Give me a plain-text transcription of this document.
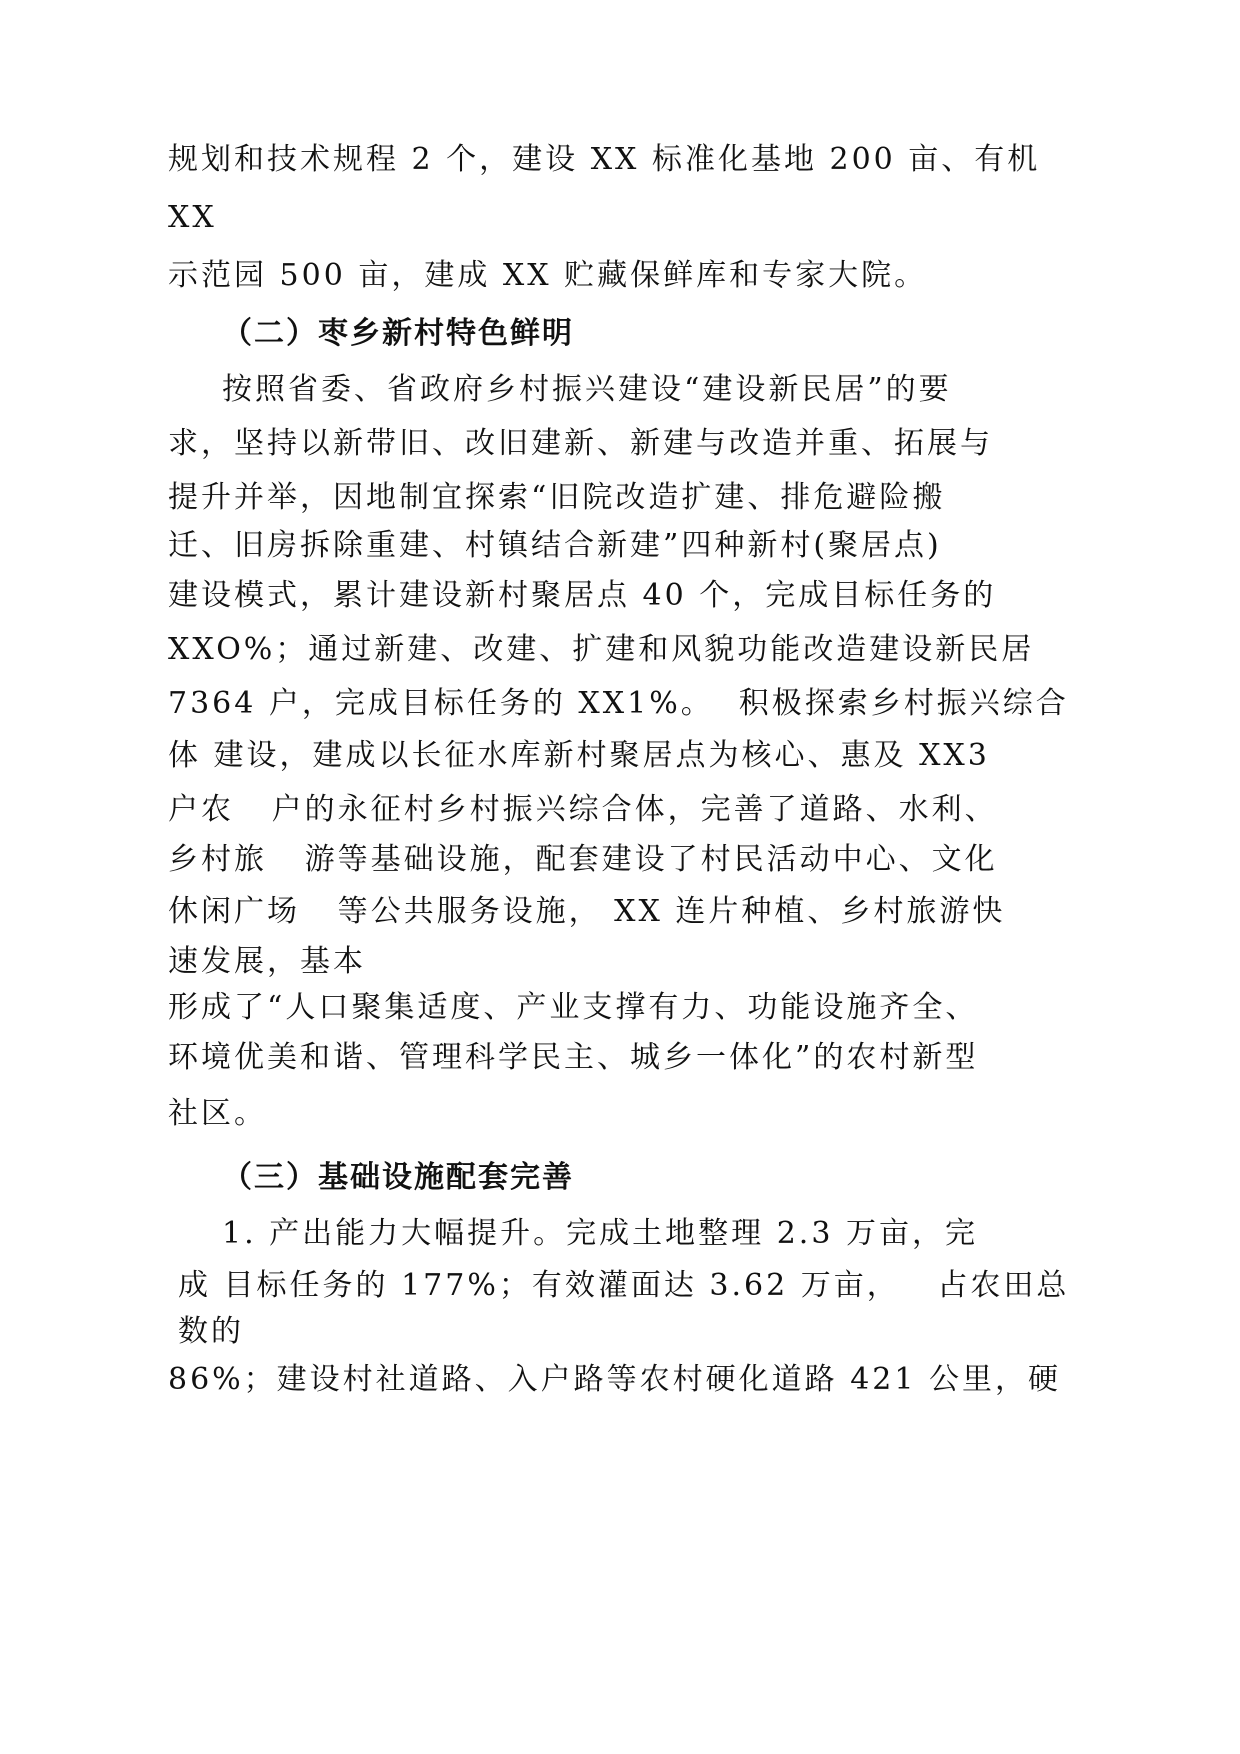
规划和技术规程 2 个，建设 XX 标准化基地 200 亩、有机
XX
示范园 500 亩，建成 XX 贮藏保鲜库和专家大院。
（二）枣乡新村特色鲜明
按照省委、省政府乡村振兴建设“建设新民居”的要
求，坚持以新带旧、改旧建新、新建与改造并重、拓展与
提升并举，因地制宜探索“旧院改造扩建、排危避险搬
迁、旧房拆除重建、村镇结合新建”四种新村(聚居点)
建设模式，累计建设新村聚居点 40 个，完成目标任务的
XXO%；通过新建、改建、扩建和风貌功能改造建设新民居
7364 户，完成目标任务的 XX1%。  积极探索乡村振兴综合
体 建设，建成以长征水库新村聚居点为核心、惠及 XX3
户农   户的永征村乡村振兴综合体，完善了道路、水利、
乡村旅   游等基础设施，配套建设了村民活动中心、文化
休闲广场   等公共服务设施， XX 连片种植、乡村旅游快
速发展，基本
形成了“人口聚集适度、产业支撑有力、功能设施齐全、
环境优美和谐、管理科学民主、城乡一体化”的农村新型
社区。
（三）基础设施配套完善
1. 产出能力大幅提升。完成土地整理 2.3 万亩，完
成 目标任务的 177%；有效灌面达 3.62 万亩，   占农田总
数的
86%；建设村社道路、入户路等农村硬化道路 421 公里，硬
